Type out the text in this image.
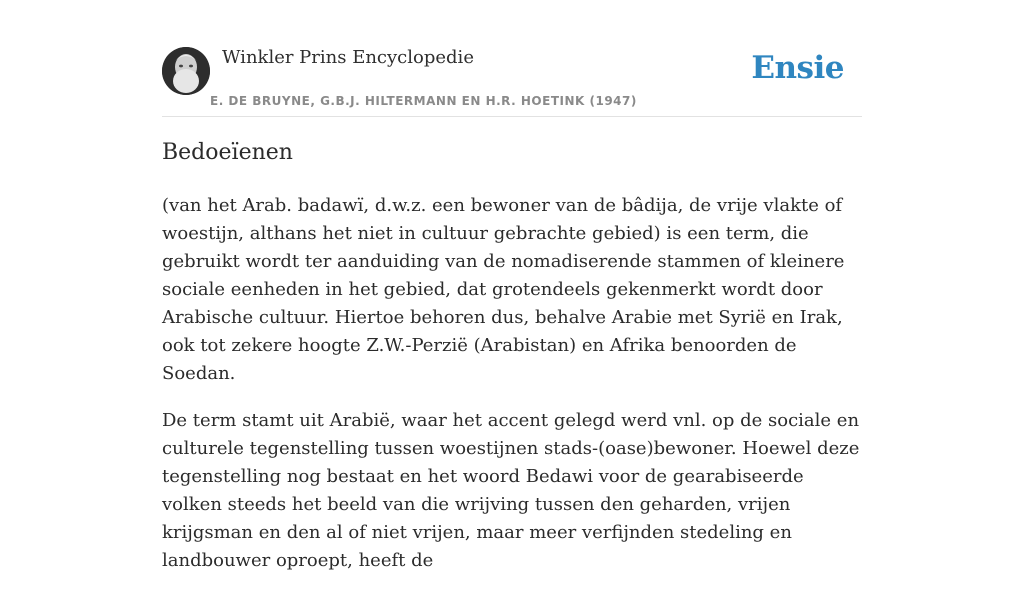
Winkler Prins Encyclopedie
E. DE BRUYNE, G.B.J. HILTERMANN EN H.R. HOETINK (1947)
Ensie
Bedoeïenen

(van het Arab. badawï, d.w.z. een bewoner van de bâdija, de vrije vlakte of woestijn, althans het niet in cultuur gebrachte gebied) is een term, die gebruikt wordt ter aanduiding van de nomadiserende stammen of kleinere sociale eenheden in het gebied, dat grotendeels gekenmerkt wordt door Arabische cultuur. Hiertoe behoren dus, behalve Arabie met Syrië en Irak, ook tot zekere hoogte Z.W.-Perzië (Arabistan) en Afrika benoorden de Soedan.

De term stamt uit Arabië, waar het accent gelegd werd vnl. op de sociale en culturele tegenstelling tussen woestijnen stads-(oase)bewoner. Hoewel deze tegenstelling nog bestaat en het woord Bedawi voor de gearabiseerde volken steeds het beeld van die wrijving tussen den geharden, vrijen krijgsman en den al of niet vrijen, maar meer verfijnden stedeling en landbouwer oproept, heeft de
